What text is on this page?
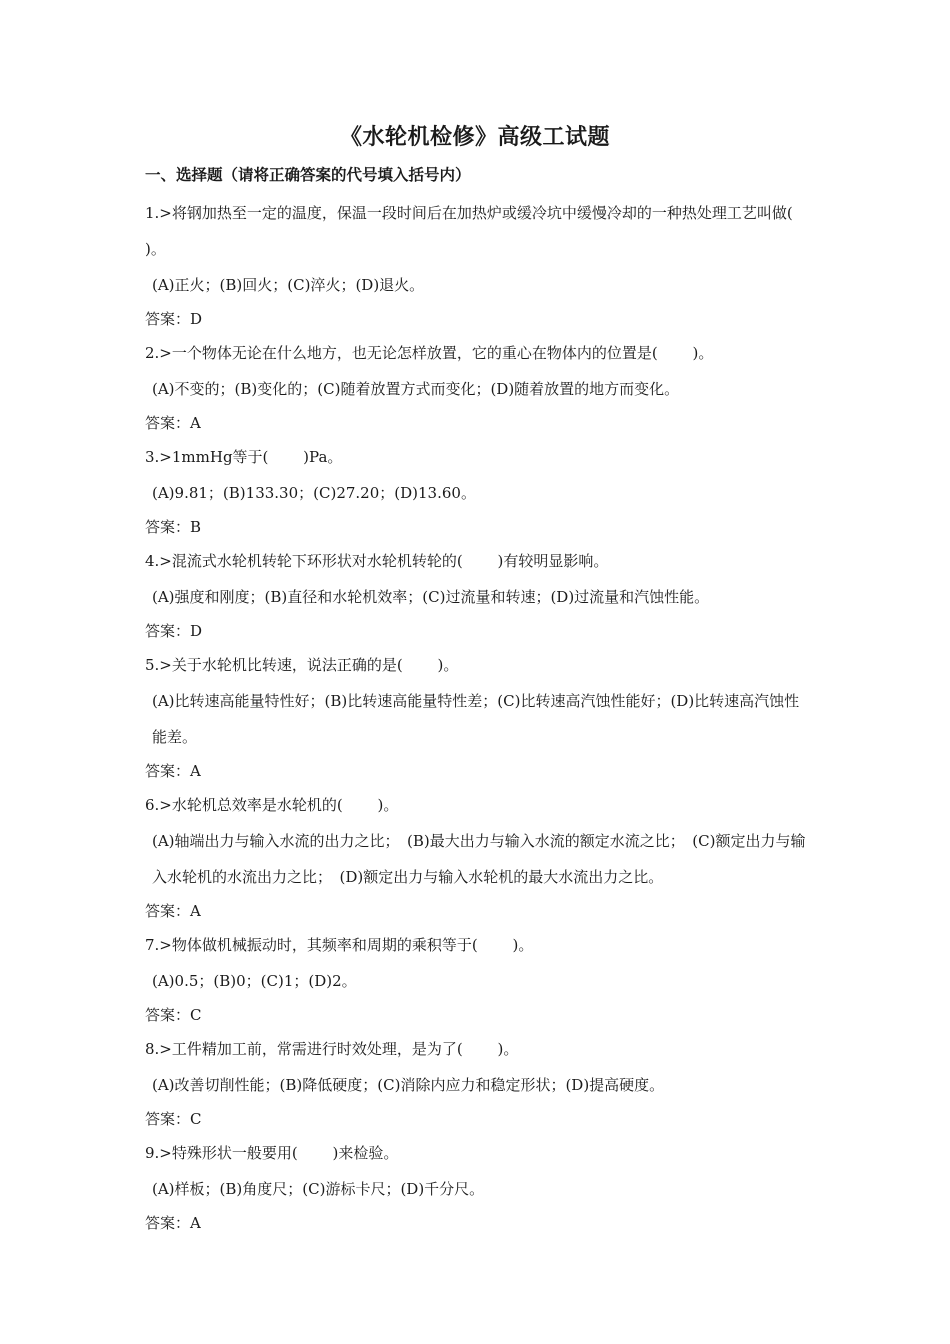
《水轮机检修》高级工试题
一、选择题（请将正确答案的代号填入括号内）

1.>将钢加热至一定的温度，保温一段时间后在加热炉或缓冷坑中缓慢冷却的一种热处理工艺叫做(　　 )。

(A)正火；(B)回火；(C)淬火；(D)退火。

答案：D

2.>一个物体无论在什么地方，也无论怎样放置，它的重心在物体内的位置是(　　 )。

(A)不变的；(B)变化的；(C)随着放置方式而变化；(D)随着放置的地方而变化。

答案：A

3.>1mmHg等于(　　 )Pa。

(A)9.81；(B)133.30；(C)27.20；(D)13.60。

答案：B

4.>混流式水轮机转轮下环形状对水轮机转轮的(　　 )有较明显影响。

(A)强度和刚度；(B)直径和水轮机效率；(C)过流量和转速；(D)过流量和汽蚀性能。

答案：D

5.>关于水轮机比转速，说法正确的是(　　 )。

(A)比转速高能量特性好；(B)比转速高能量特性差；(C)比转速高汽蚀性能好；(D)比转速高汽蚀性能差。

答案：A

6.>水轮机总效率是水轮机的(　　 )。

(A)轴端出力与输入水流的出力之比；　(B)最大出力与输入水流的额定水流之比；　(C)额定出力与输入水轮机的水流出力之比；　(D)额定出力与输入水轮机的最大水流出力之比。

答案：A

7.>物体做机械振动时，其频率和周期的乘积等于(　　 )。

(A)0.5；(B)0；(C)1；(D)2。

答案：C

8.>工件精加工前，常需进行时效处理，是为了(　　 )。

(A)改善切削性能；(B)降低硬度；(C)消除内应力和稳定形状；(D)提高硬度。

答案：C

9.>特殊形状一般要用(　　 )来检验。

(A)样板；(B)角度尺；(C)游标卡尺；(D)千分尺。

答案：A
